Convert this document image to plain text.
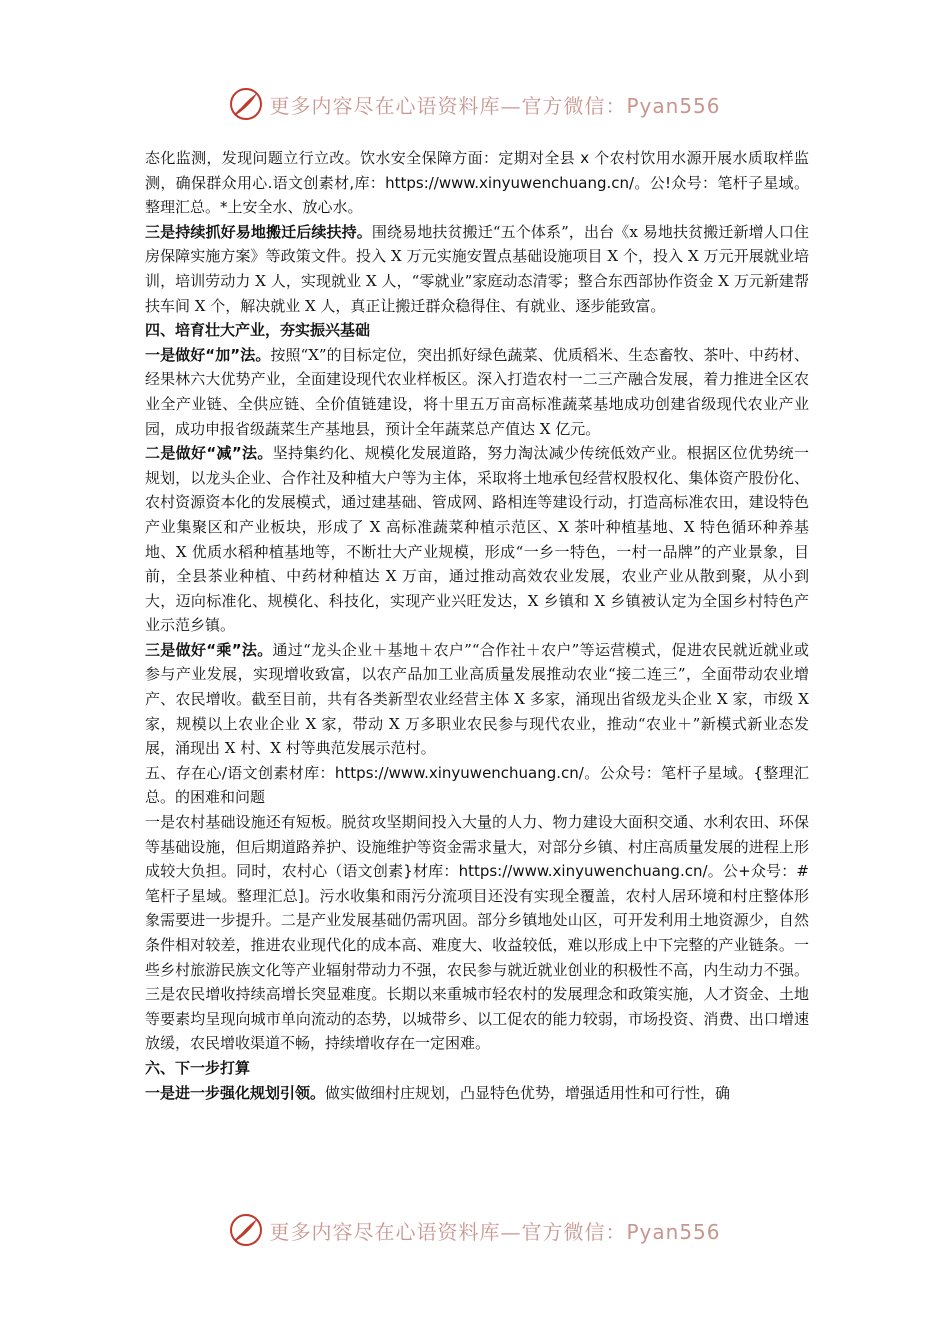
更多内容尽在心语资料库—官方微信：Pyan556

态化监测，发现问题立行立改。饮水安全保障方面：定期对全县 x 个农村饮用水源开展水质取样监测，确保群众用心.语文创素材,库：https://www.xinyuwenchuang.cn/。公!众号：笔杆子星域。整理汇总。*上安全水、放心水。

三是持续抓好易地搬迁后续扶持。围绕易地扶贫搬迁“五个体系”，出台《x 易地扶贫搬迁新增人口住房保障实施方案》等政策文件。投入 X 万元实施安置点基础设施项目 X 个，投入 X 万元开展就业培训，培训劳动力 X 人，实现就业 X 人，“零就业”家庭动态清零；整合东西部协作资金 X 万元新建帮扶车间 X 个，解决就业 X 人，真正让搬迁群众稳得住、有就业、逐步能致富。

四、培育壮大产业，夯实振兴基础

一是做好“加”法。按照“X”的目标定位，突出抓好绿色蔬菜、优质稻米、生态畜牧、茶叶、中药材、经果林六大优势产业，全面建设现代农业样板区。深入打造农村一二三产融合发展，着力推进全区农业全产业链、全供应链、全价值链建设，将十里五万亩高标准蔬菜基地成功创建省级现代农业产业园，成功申报省级蔬菜生产基地县，预计全年蔬菜总产值达 X 亿元。

二是做好“减”法。坚持集约化、规模化发展道路，努力淘汰减少传统低效产业。根据区位优势统一规划，以龙头企业、合作社及种植大户等为主体，采取将土地承包经营权股权化、集体资产股份化、农村资源资本化的发展模式，通过建基础、管成网、路相连等建设行动，打造高标准农田，建设特色产业集聚区和产业板块，形成了 X 高标准蔬菜种植示范区、X 茶叶种植基地、X 特色循环种养基地、X 优质水稻种植基地等，不断壮大产业规模，形成“一乡一特色，一村一品牌”的产业景象，目前，全县茶业种植、中药材种植达 X 万亩，通过推动高效农业发展，农业产业从散到聚，从小到大，迈向标准化、规模化、科技化，实现产业兴旺发达，X 乡镇和 X 乡镇被认定为全国乡村特色产业示范乡镇。

三是做好“乘”法。通过“龙头企业＋基地＋农户”“合作社＋农户”等运营模式，促进农民就近就业或参与产业发展，实现增收致富，以农产品加工业高质量发展推动农业“接二连三”，全面带动农业增产、农民增收。截至目前，共有各类新型农业经营主体 X 多家，涌现出省级龙头企业 X 家，市级 X 家，规模以上农业企业 X 家，带动 X 万多职业农民参与现代农业，推动“农业＋”新模式新业态发展，涌现出 X 村、X 村等典范发展示范村。

五、存在心/语文创素材库：https://www.xinyuwenchuang.cn/。公众号：笔杆子星域。{整理汇总。的困难和问题

一是农村基础设施还有短板。脱贫攻坚期间投入大量的人力、物力建设大面积交通、水利农田、环保等基础设施，但后期道路养护、设施维护等资金需求量大，对部分乡镇、村庄高质量发展的进程上形成较大负担。同时，农村心（语文创素}材库：https://www.xinyuwenchuang.cn/。公+众号：#笔杆子星域。整理汇总]。污水收集和雨污分流项目还没有实现全覆盖，农村人居环境和村庄整体形象需要进一步提升。二是产业发展基础仍需巩固。部分乡镇地处山区，可开发利用土地资源少，自然条件相对较差，推进农业现代化的成本高、难度大、收益较低，难以形成上中下完整的产业链条。一些乡村旅游民族文化等产业辐射带动力不强，农民参与就近就业创业的积极性不高，内生动力不强。三是农民增收持续高增长突显难度。长期以来重城市轻农村的发展理念和政策实施，人才资金、土地等要素均呈现向城市单向流动的态势，以城带乡、以工促农的能力较弱，市场投资、消费、出口增速放缓，农民增收渠道不畅，持续增收存在一定困难。

六、下一步打算

一是进一步强化规划引领。做实做细村庄规划，凸显特色优势，增强适用性和可行性，确

更多内容尽在心语资料库—官方微信：Pyan556
